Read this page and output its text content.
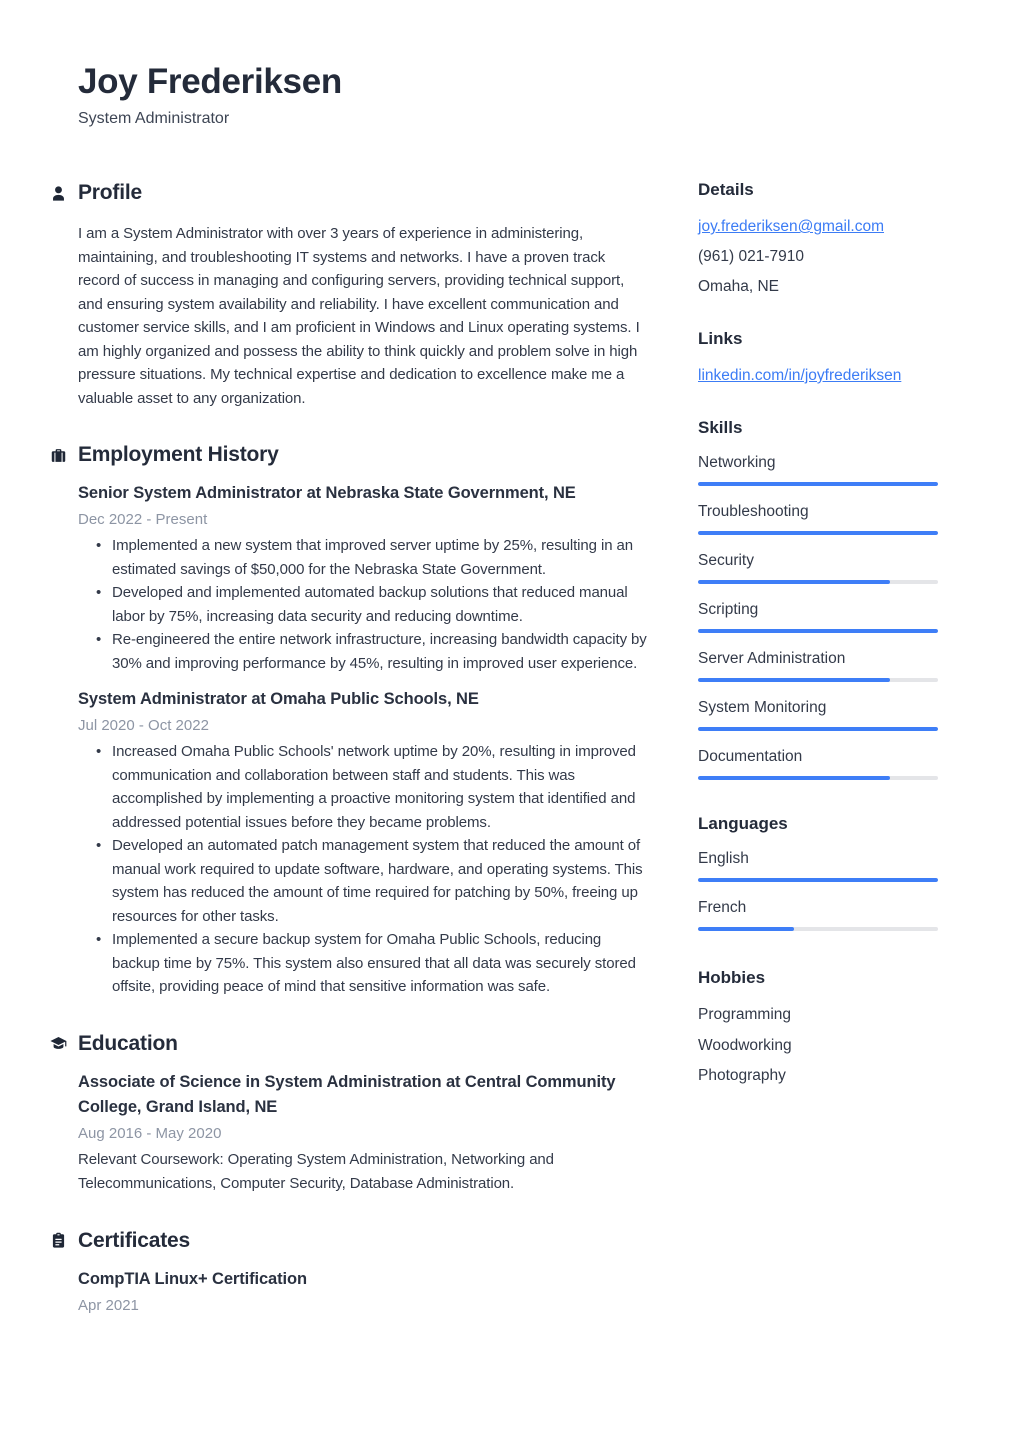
Joy Frederiksen
System Administrator
Profile

I am a System Administrator with over 3 years of experience in administering, maintaining, and troubleshooting IT systems and networks. I have a proven track record of success in managing and configuring servers, providing technical support, and ensuring system availability and reliability. I have excellent communication and customer service skills, and I am proficient in Windows and Linux operating systems. I am highly organized and possess the ability to think quickly and problem solve in high pressure situations. My technical expertise and dedication to excellence make me a valuable asset to any organization.

Employment History
Senior System Administrator at Nebraska State Government, NE
Dec 2022 - Present
• Implemented a new system that improved server uptime by 25%, resulting in an estimated savings of $50,000 for the Nebraska State Government.
• Developed and implemented automated backup solutions that reduced manual labor by 75%, increasing data security and reducing downtime.
• Re-engineered the entire network infrastructure, increasing bandwidth capacity by 30% and improving performance by 45%, resulting in improved user experience.
System Administrator at Omaha Public Schools, NE
Jul 2020 - Oct 2022
• Increased Omaha Public Schools' network uptime by 20%, resulting in improved communication and collaboration between staff and students. This was accomplished by implementing a proactive monitoring system that identified and addressed potential issues before they became problems.
• Developed an automated patch management system that reduced the amount of manual work required to update software, hardware, and operating systems. This system has reduced the amount of time required for patching by 50%, freeing up resources for other tasks.
• Implemented a secure backup system for Omaha Public Schools, reducing backup time by 75%. This system also ensured that all data was securely stored offsite, providing peace of mind that sensitive information was safe.
Education
Associate of Science in System Administration at Central Community College, Grand Island, NE
Aug 2016 - May 2020

Relevant Coursework: Operating System Administration, Networking and Telecommunications, Computer Security, Database Administration.

Certificates
CompTIA Linux+ Certification
Apr 2021
Details
joy.frederiksen@gmail.com
(961) 021-7910
Omaha, NE
Links
linkedin.com/in/joyfrederiksen
Skills
Networking
Troubleshooting
Security
Scripting
Server Administration
System Monitoring
Documentation
Languages
English
French
Hobbies
Programming
Woodworking
Photography
